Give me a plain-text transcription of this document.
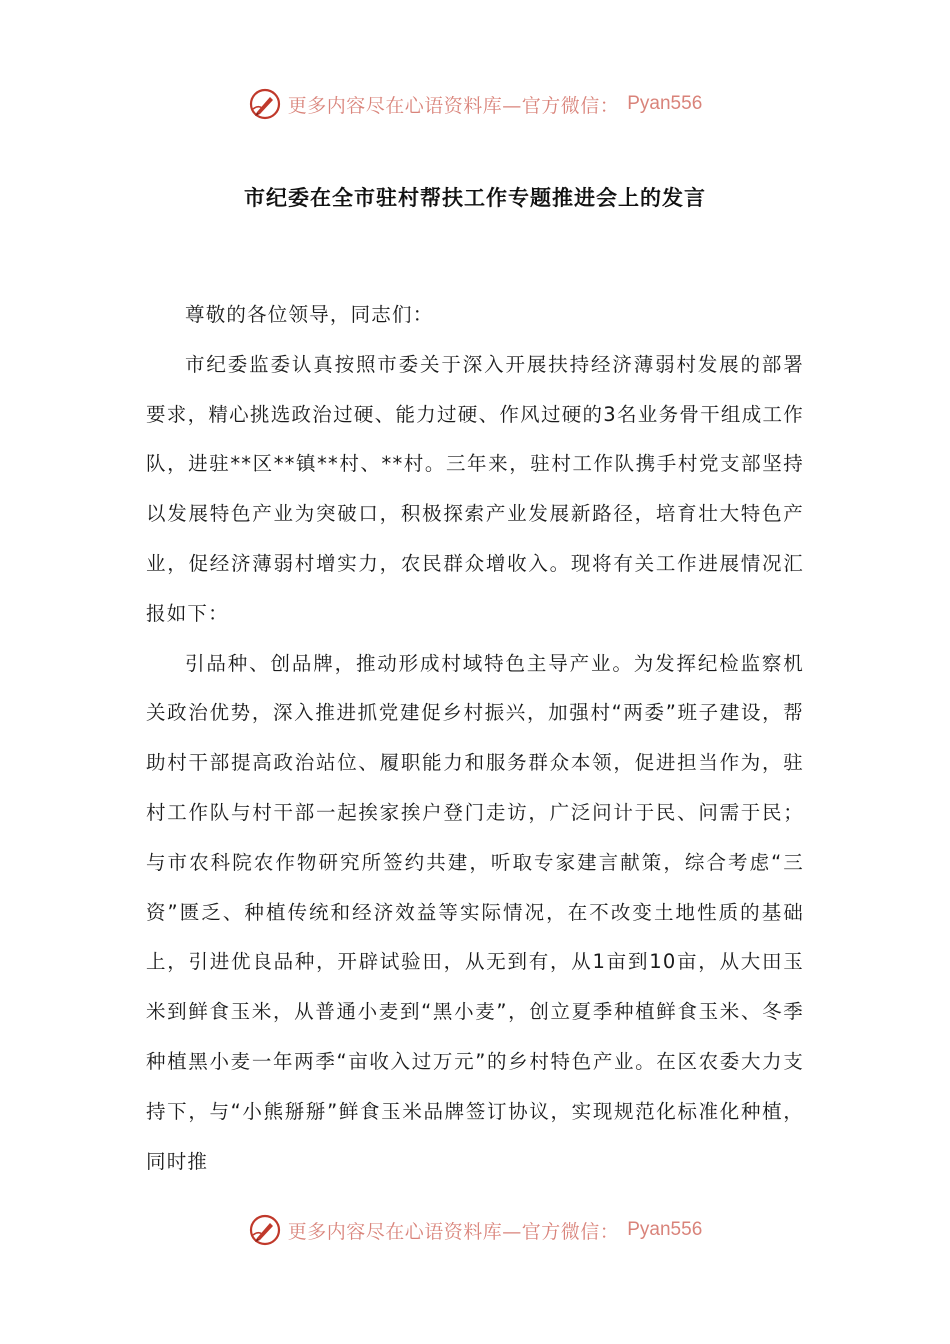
更多内容尽在心语资料库—官方微信： Pyan556
市纪委在全市驻村帮扶工作专题推进会上的发言

尊敬的各位领导，同志们：

市纪委监委认真按照市委关于深入开展扶持经济薄弱村发展的部署要求，精心挑选政治过硬、能力过硬、作风过硬的3名业务骨干组成工作队，进驻**区**镇**村、**村。三年来，驻村工作队携手村党支部坚持以发展特色产业为突破口，积极探索产业发展新路径，培育壮大特色产业，促经济薄弱村增实力，农民群众增收入。现将有关工作进展情况汇报如下：

引品种、创品牌，推动形成村域特色主导产业。为发挥纪检监察机关政治优势，深入推进抓党建促乡村振兴，加强村“两委”班子建设，帮助村干部提高政治站位、履职能力和服务群众本领，促进担当作为，驻村工作队与村干部一起挨家挨户登门走访，广泛问计于民、问需于民；与市农科院农作物研究所签约共建，听取专家建言献策，综合考虑“三资”匮乏、种植传统和经济效益等实际情况，在不改变土地性质的基础上，引进优良品种，开辟试验田，从无到有，从1亩到10亩，从大田玉米到鲜食玉米，从普通小麦到“黑小麦”，创立夏季种植鲜食玉米、冬季种植黑小麦一年两季“亩收入过万元”的乡村特色产业。在区农委大力支持下，与“小熊掰掰”鲜食玉米品牌签订协议，实现规范化标准化种植，同时推

更多内容尽在心语资料库—官方微信： Pyan556
